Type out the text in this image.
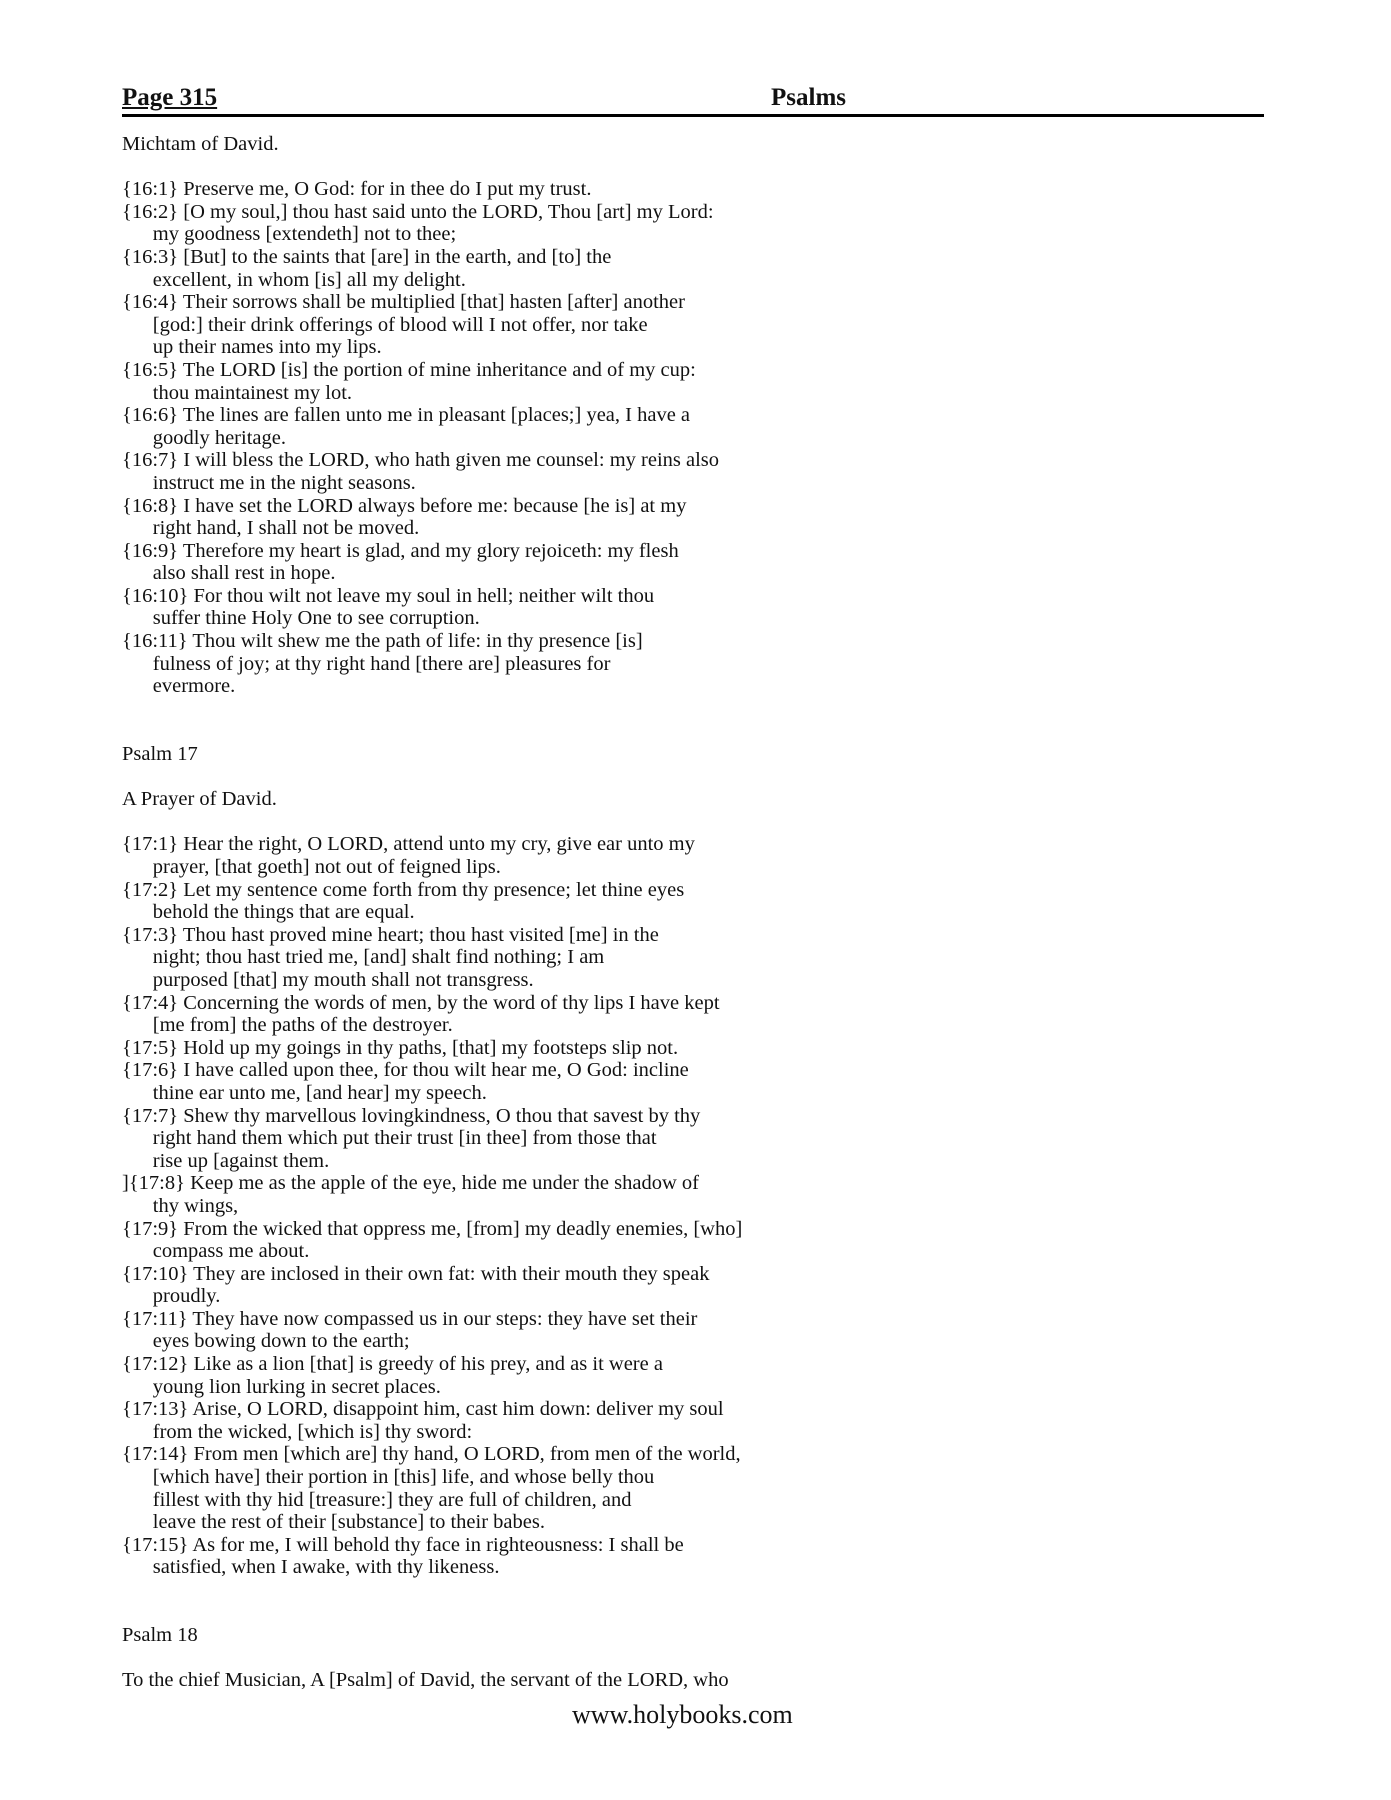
Page 315	Psalms
Michtam of David.
{16:1} Preserve me, O God: for in thee do I put my trust.
{16:2} [O my soul,] thou hast said unto the LORD, Thou [art] my Lord:
my goodness [extendeth] not to thee;
{16:3} [But] to the saints that [are] in the earth, and [to] the
excellent, in whom [is] all my delight.
{16:4} Their sorrows shall be multiplied [that] hasten [after] another
[god:] their drink offerings of blood will I not offer, nor take
up their names into my lips.
{16:5} The LORD [is] the portion of mine inheritance and of my cup:
thou maintainest my lot.
{16:6} The lines are fallen unto me in pleasant [places;] yea, I have a
goodly heritage.
{16:7} I will bless the LORD, who hath given me counsel: my reins also
instruct me in the night seasons.
{16:8} I have set the LORD always before me: because [he is] at my
right hand, I shall not be moved.
{16:9} Therefore my heart is glad, and my glory rejoiceth: my flesh
also shall rest in hope.
{16:10} For thou wilt not leave my soul in hell; neither wilt thou
suffer thine Holy One to see corruption.
{16:11} Thou wilt shew me the path of life: in thy presence [is]
fulness of joy; at thy right hand [there are] pleasures for
evermore.
Psalm 17
A Prayer of David.
{17:1} Hear the right, O LORD, attend unto my cry, give ear unto my
prayer, [that goeth] not out of feigned lips.
{17:2} Let my sentence come forth from thy presence; let thine eyes
behold the things that are equal.
{17:3} Thou hast proved mine heart; thou hast visited [me] in the
night; thou hast tried me, [and] shalt find nothing; I am
purposed [that] my mouth shall not transgress.
{17:4} Concerning the words of men, by the word of thy lips I have kept
[me from] the paths of the destroyer.
{17:5} Hold up my goings in thy paths, [that] my footsteps slip not.
{17:6} I have called upon thee, for thou wilt hear me, O God: incline
thine ear unto me, [and hear] my speech.
{17:7} Shew thy marvellous lovingkindness, O thou that savest by thy
right hand them which put their trust [in thee] from those that
rise up [against them.
]{17:8} Keep me as the apple of the eye, hide me under the shadow of
thy wings,
{17:9} From the wicked that oppress me, [from] my deadly enemies, [who]
compass me about.
{17:10} They are inclosed in their own fat: with their mouth they speak
proudly.
{17:11} They have now compassed us in our steps: they have set their
eyes bowing down to the earth;
{17:12} Like as a lion [that] is greedy of his prey, and as it were a
young lion lurking in secret places.
{17:13} Arise, O LORD, disappoint him, cast him down: deliver my soul
from the wicked, [which is] thy sword:
{17:14} From men [which are] thy hand, O LORD, from men of the world,
[which have] their portion in [this] life, and whose belly thou
fillest with thy hid [treasure:] they are full of children, and
leave the rest of their [substance] to their babes.
{17:15} As for me, I will behold thy face in righteousness: I shall be
satisfied, when I awake, with thy likeness.
Psalm 18
To the chief Musician, A [Psalm] of David, the servant of the LORD, who
www.holybooks.com
